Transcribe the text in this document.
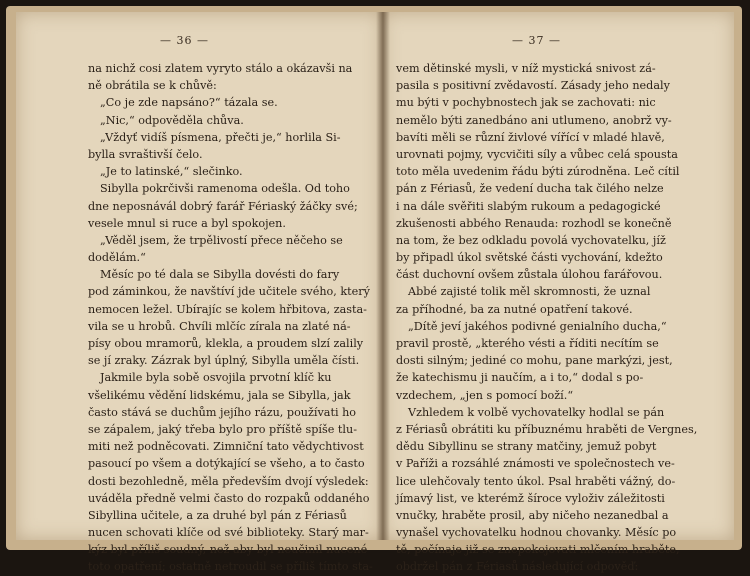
— 36 —
na nichž cosi zlatem vyryto stálo a okázavši na
ně obrátila se k chůvě:
„Co je zde napsáno?“ tázala se.
„Nic,“ odpověděla chůva.
„Vždyť vidíš písmena, přečti je,“ horlila Si-
bylla svraštivší čelo.
„Je to latinské,“ slečinko.
Sibylla pokrčivši ramenoma odešla. Od toho
dne neposnávál dobrý farář Fériaský žáčky své;
vesele mnul si ruce a byl spokojen.
„Věděl jsem, že trpělivostí přece něčeho se
dodělám.“
Měsíc po té dala se Sibylla dovésti do fary
pod záminkou, že navštíví jde učitele svého, který
nemocen ležel. Ubírajíc se kolem hřbitova, zasta-
vila se u hrobů. Chvíli mlčíc zírala na zlaté ná-
písy obou mramorů, klekla, a proudem slzí zalily
se jí zraky. Zázrak byl úplný, Sibylla uměla čísti.
Jakmile byla sobě osvojila prvotní klíč ku
všelikému vědění lidskému, jala se Sibylla, jak
často stává se duchům jejího rázu, používati ho
se zápalem, jaký třeba bylo pro příště spíše tlu-
miti než podněcovati. Zimniční tato vědychtivost
pasoucí po všem a dotýkající se všeho, a to často
dosti bezohledně, měla především dvojí výsledek:
uváděla předně velmi často do rozpaků oddaného
Sibyllina učitele, a za druhé byl pán z Fériasů
nucen schovati klíče od své biblioteky. Starý mar-
kýz byl příliš soudný, než aby byl neučinil nucené
toto opatření; ostatně netroudil se příliš tímto sta-
— 37 —
vem dětinské mysli, v níž mystická snivost zá-
pasila s positivní zvědavostí. Zásady jeho nedaly
mu býti v pochybnostech jak se zachovati: nic
nemělo býti zanedbáno ani utlumeno, anobrž vy-
bavíti měli se různí živlové vířící v mladé hlavě,
urovnati pojmy, vycvičiti síly a vůbec celá spousta
toto měla uvedenim řádu býti zúrodněna. Leč cítil
pán z Fériasů, že vedení ducha tak čilého nelze
i na dále svěřiti slabým rukoum a pedagogické
zkušenosti abbého Renauda: rozhodl se konečně
na tom, že bez odkladu povolá vychovatelku, jíž
by připadl úkol světské části vychování, kdežto
část duchovní ovšem zůstala úlohou farářovou.
Abbé zajisté tolik měl skromnosti, že uznal
za příhodné, ba za nutné opatření takové.
„Dítě jeví jakéhos podivné genialního ducha,“
pravil prostě, „kterého vésti a říditi necítím se
dosti silným; jediné co mohu, pane markýzi, jest,
že katechismu ji naučím, a i to,“ dodal s po-
vzdechem, „jen s pomocí boží.“
Vzhledem k volbě vychovatelky hodlal se pán
z Fériasů obrátiti ku příbuznému hraběti de Vergnes,
dědu Sibyllinu se strany matčiny, jemuž pobyt
v Paříži a rozsáhlé známosti ve společnostech ve-
lice ulehčovaly tento úkol. Psal hraběti vážný, do-
jímavý list, ve kterémž šíroce vyloživ záležitosti
vnučky, hraběte prosil, aby ničeho nezanedbal a
vynašel vychovatelku hodnou chovanky. Měsíc po
tě, počínaje již se znepokojovati mlčením hraběte,
obdržel pán z Fériasů následující odpověď:
